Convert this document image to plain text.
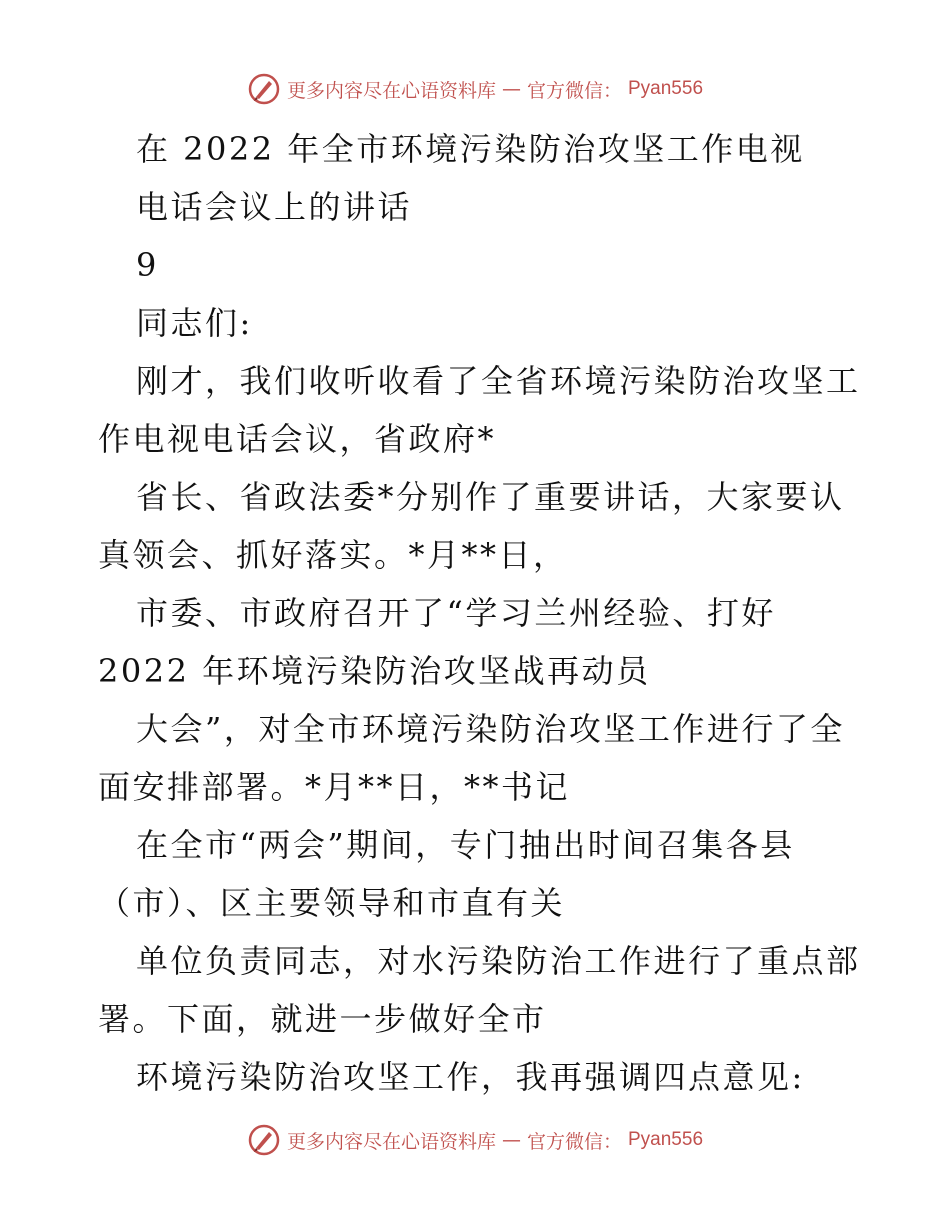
更多内容尽在心语资料库 — 官方微信： Pyan556
在 2022 年全市环境污染防治攻坚工作电视
电话会议上的讲话
9
同志们:
刚才，我们收听收看了全省环境污染防治攻坚工
作电视电话会议，省政府*
省长、省政法委*分别作了重要讲话，大家要认
真领会、抓好落实。*月**日，
市委、市政府召开了“学习兰州经验、打好
2022 年环境污染防治攻坚战再动员
大会”，对全市环境污染防治攻坚工作进行了全
面安排部署。*月**日，**书记
在全市“两会”期间，专门抽出时间召集各县
（市）、区主要领导和市直有关
单位负责同志，对水污染防治工作进行了重点部
署。下面，就进一步做好全市
环境污染防治攻坚工作，我再强调四点意见:
更多内容尽在心语资料库 — 官方微信： Pyan556
